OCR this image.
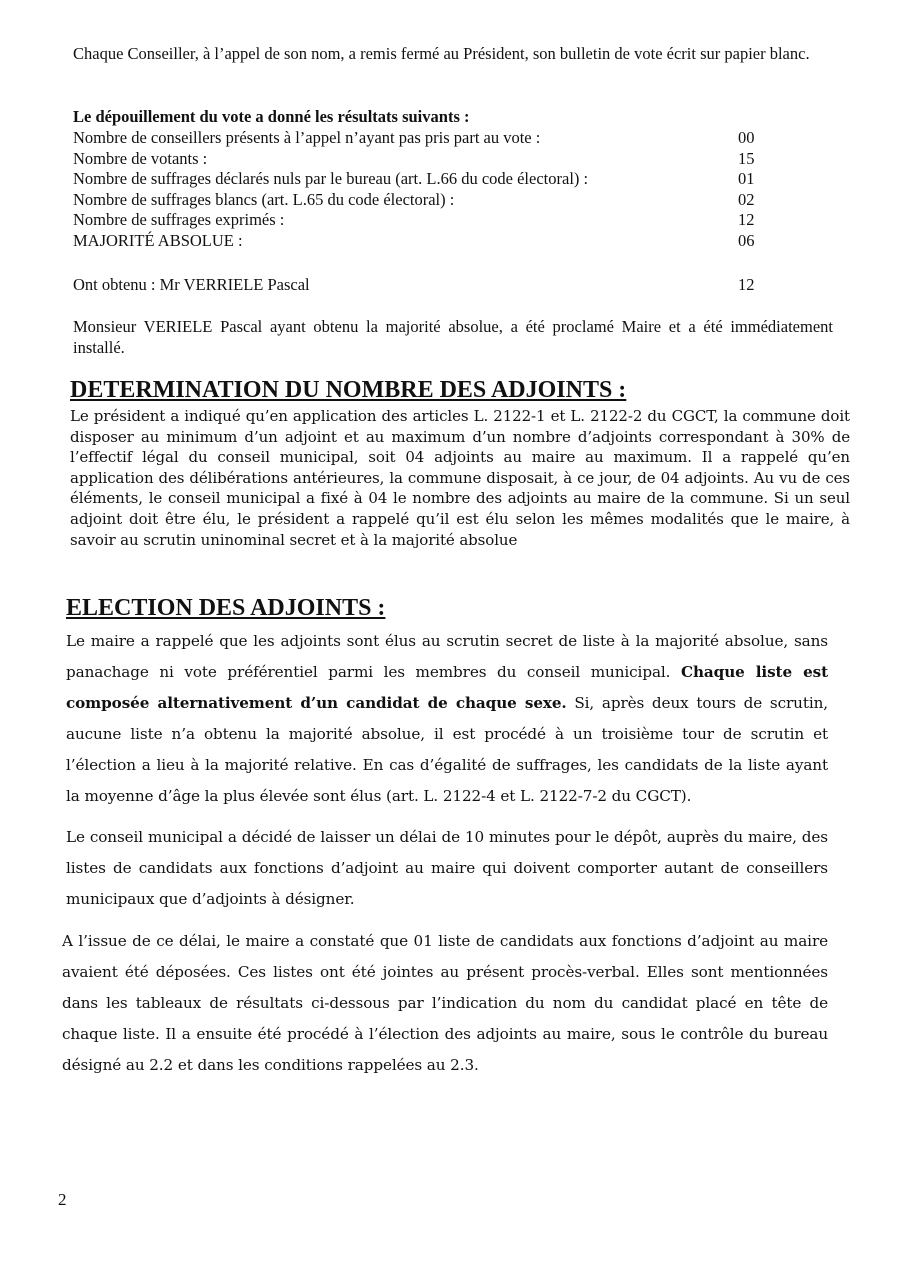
Chaque Conseiller, à l’appel de son nom, a remis fermé au Président, son bulletin de vote écrit sur papier blanc.

Le dépouillement du vote a donné les résultats suivants :

Nombre de conseillers présents à l’appel n’ayant pas pris part au vote :	00
Nombre de votants :	15
Nombre de suffrages déclarés nuls par le bureau (art. L.66 du code électoral) :	01
Nombre de suffrages blancs (art. L.65 du code électoral) :	02
Nombre de suffrages exprimés :	12
MAJORITÉ ABSOLUE :	06
Ont obtenu : Mr VERRIELE Pascal	12

Monsieur VERIELE Pascal ayant obtenu la majorité absolue, a été proclamé Maire et a été immédiatement installé.

DETERMINATION DU NOMBRE DES ADJOINTS :

Le président a indiqué qu’en application des articles L. 2122-1 et L. 2122-2 du CGCT, la commune doit disposer au minimum d’un adjoint et au maximum d’un nombre d’adjoints correspondant à 30% de l’effectif légal du conseil municipal, soit 04 adjoints au maire au maximum. Il a rappelé qu’en application des délibérations antérieures, la commune disposait, à ce jour, de 04 adjoints. Au vu de ces éléments, le conseil municipal a fixé à 04 le nombre des adjoints au maire de la commune. Si un seul adjoint doit être élu, le président a rappelé qu’il est élu selon les mêmes modalités que le maire, à savoir au scrutin uninominal secret et à la majorité absolue

ELECTION DES ADJOINTS :

Le maire a rappelé que les adjoints sont élus au scrutin secret de liste à la majorité absolue, sans panachage ni vote préférentiel parmi les membres du conseil municipal. Chaque liste est composée alternativement d’un candidat de chaque sexe. Si, après deux tours de scrutin, aucune liste n’a obtenu la majorité absolue, il est procédé à un troisième tour de scrutin et l’élection a lieu à la majorité relative. En cas d’égalité de suffrages, les candidats de la liste ayant la moyenne d’âge la plus élevée sont élus (art. L. 2122-4 et L. 2122-7-2 du CGCT).

Le conseil municipal a décidé de laisser un délai de 10 minutes pour le dépôt, auprès du maire, des listes de candidats aux fonctions d’adjoint au maire qui doivent comporter autant de conseillers municipaux que d’adjoints à désigner.

A l’issue de ce délai, le maire a constaté que 01 liste de candidats aux fonctions d’adjoint au maire avaient été déposées. Ces listes ont été jointes au présent procès-verbal. Elles sont mentionnées dans les tableaux de résultats ci-dessous par l’indication du nom du candidat placé en tête de chaque liste. Il a ensuite été procédé à l’élection des adjoints au maire, sous le contrôle du bureau désigné au 2.2 et dans les conditions rappelées au 2.3.

2
